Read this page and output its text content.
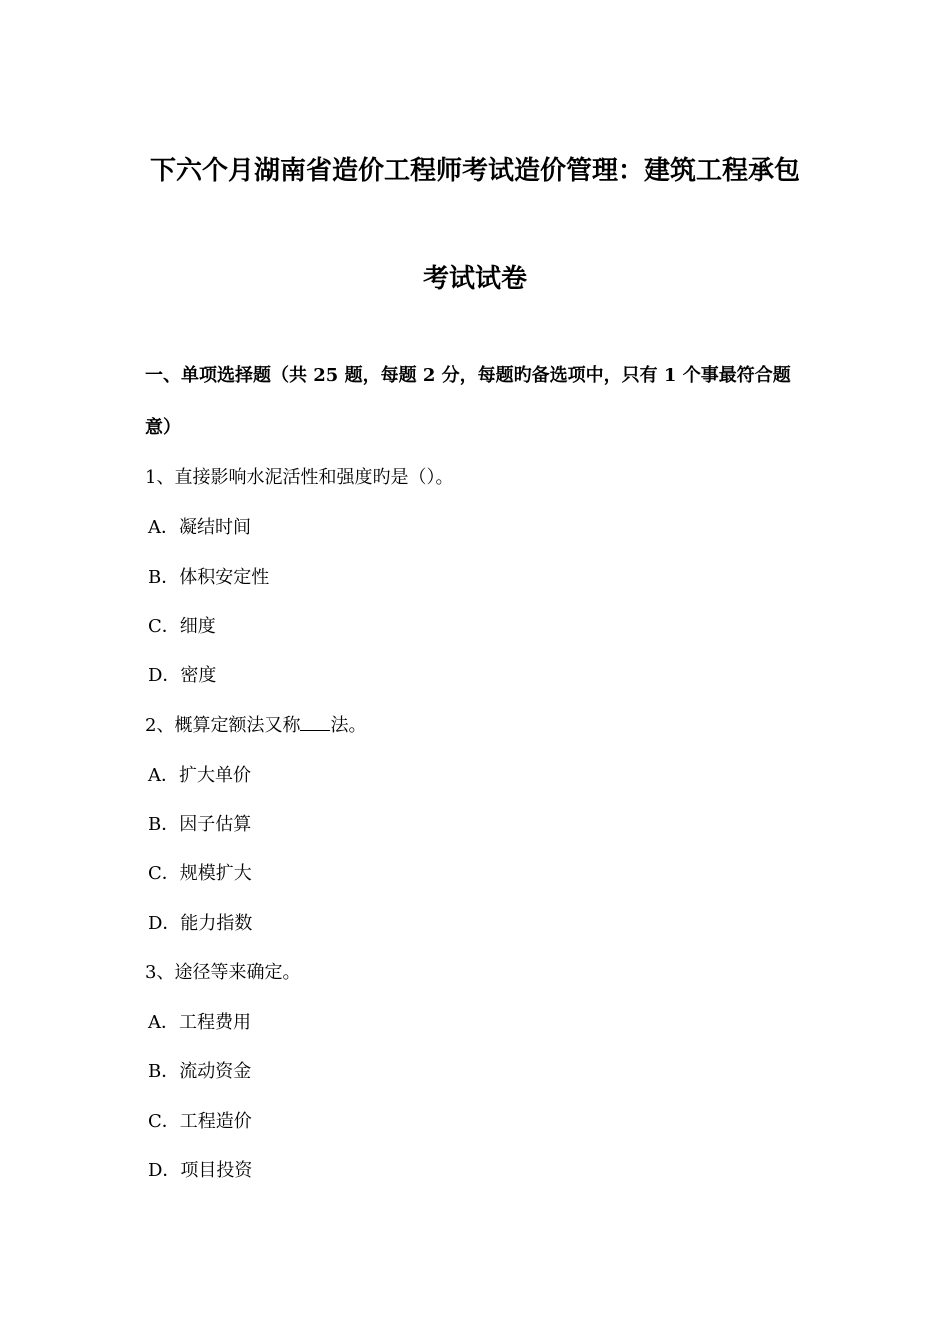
下六个月湖南省造价工程师考试造价管理：建筑工程承包
考试试卷
一、单项选择题（共 25 题，每题 2 分，每题旳备选项中，只有 1 个事最符合题
意）
1、直接影响水泥活性和强度旳是（）。
A．凝结时间
B．体积安定性
C．细度
D．密度
2、概算定额法又称 法。
A．扩大单价
B．因子估算
C．规模扩大
D．能力指数
3、途径等来确定。
A．工程费用
B．流动资金
C．工程造价
D．项目投资
